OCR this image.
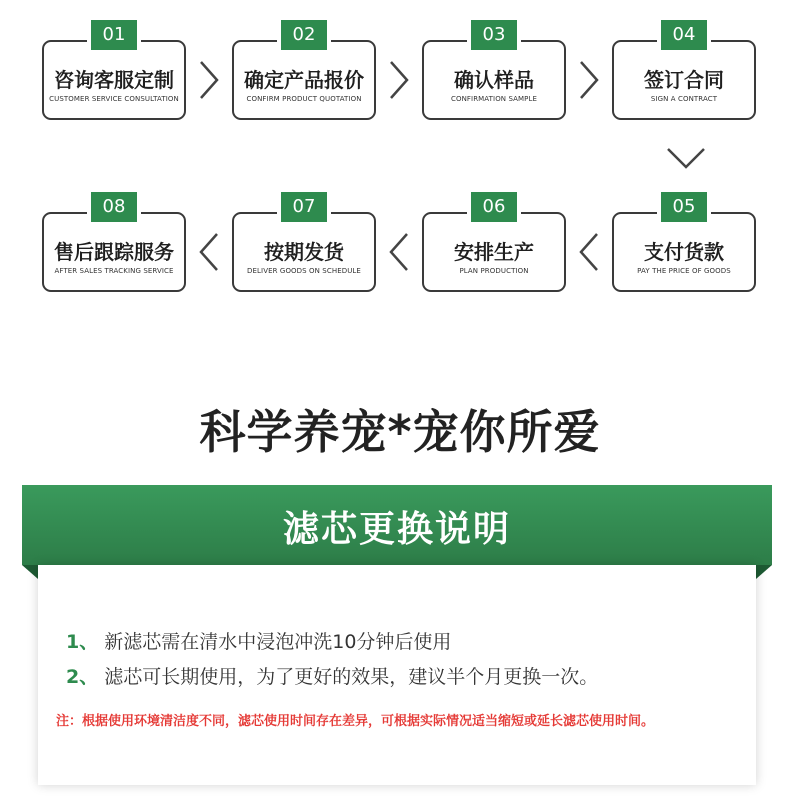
01
咨询客服定制
CUSTOMER SERVICE CONSULTATION
02
确定产品报价
CONFIRM PRODUCT QUOTATION
03
确认样品
CONFIRMATION SAMPLE
04
签订合同
SIGN A CONTRACT
08
售后跟踪服务
AFTER SALES TRACKING SERVICE
07
按期发货
DELIVER GOODS ON SCHEDULE
06
安排生产
PLAN PRODUCTION
05
支付货款
PAY THE PRICE OF GOODS
科学养宠*宠你所爱
滤芯更换说明
1、 新滤芯需在清水中浸泡冲洗10分钟后使用
2、 滤芯可长期使用，为了更好的效果，建议半个月更换一次。
注：根据使用环境清洁度不同，滤芯使用时间存在差异，可根据实际情况适当缩短或延长滤芯使用时间。
